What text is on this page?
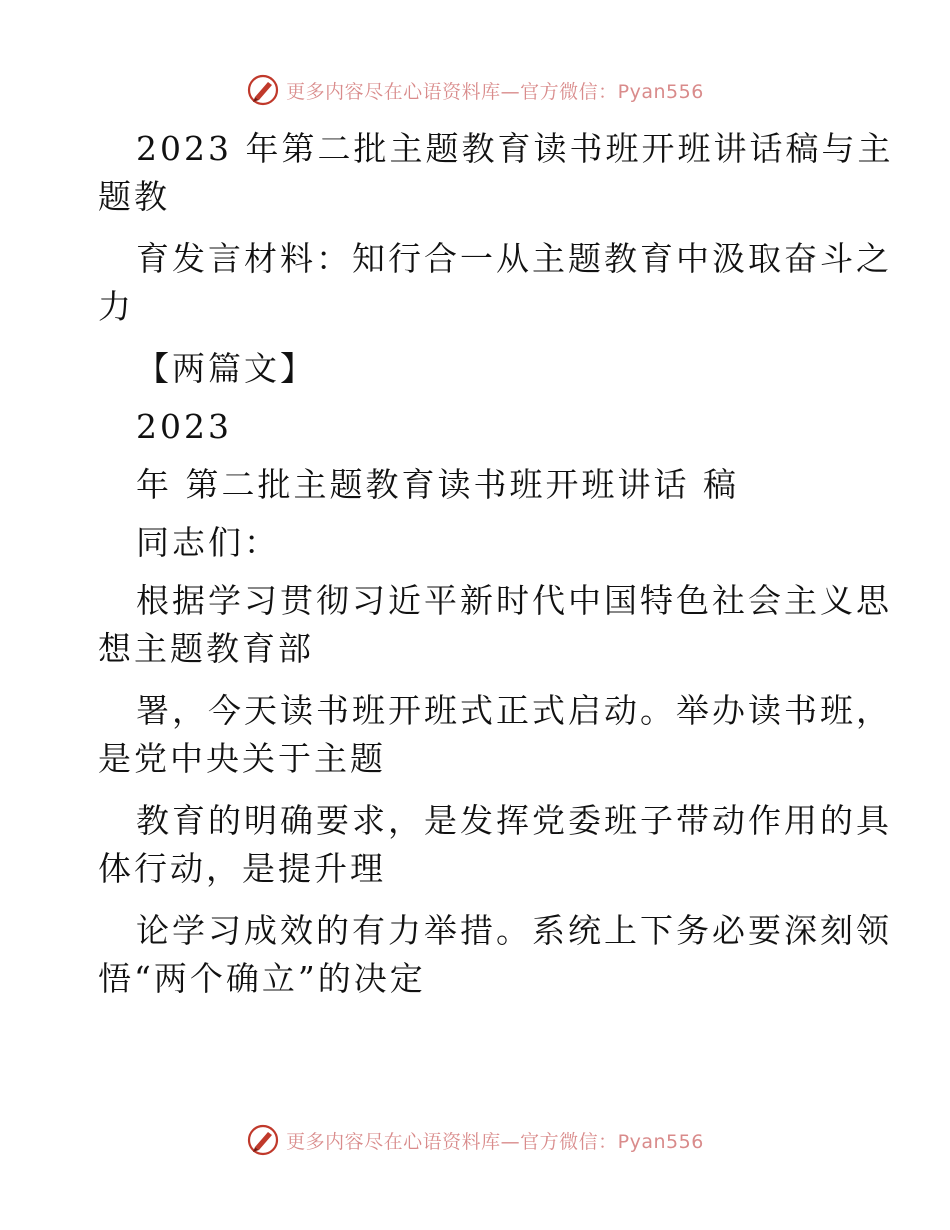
更多内容尽在心语资料库—官方微信：Pyan556

2023 年第二批主题教育读书班开班讲话稿与主

题教

育发言材料：知行合一从主题教育中汲取奋斗之

力

【两篇文】

2023

年 第二批主题教育读书班开班讲话 稿

同志们：

根据学习贯彻习近平新时代中国特色社会主义思

想主题教育部

署，今天读书班开班式正式启动。举办读书班，

是党中央关于主题

教育的明确要求，是发挥党委班子带动作用的具

体行动，是提升理

论学习成效的有力举措。系统上下务必要深刻领

悟“两个确立”的决定

更多内容尽在心语资料库—官方微信：Pyan556
